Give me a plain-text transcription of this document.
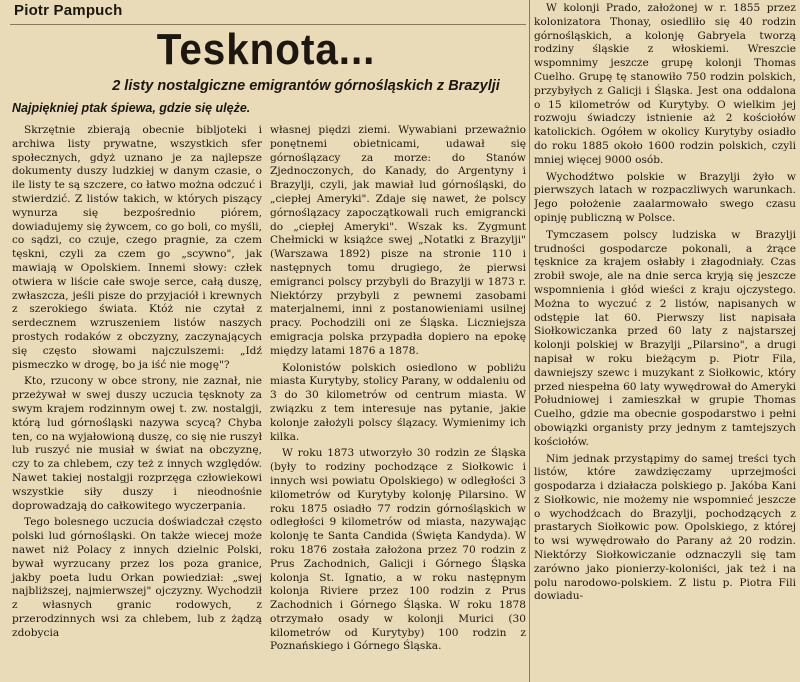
Piotr Pampuch
Tesknota...
2 listy nostalgiczne emigrantów górnośląskich z Brazylji
Najpiękniej ptak śpiewa, gdzie się ulęże.

Skrzętnie zbierają obecnie bibljoteki i archiwa listy prywatne, wszystkich sfer społecznych, gdyż uznano je za najlepsze dokumenty duszy ludzkiej w danym czasie, o ile listy te są szczere, co łatwo można odczuć i stwierdzić. Z listów takich, w których piszący wynurza się bezpośrednio piórem, dowiadujemy się żywcem, co go boli, co myśli, co sądzi, co czuje, czego pragnie, za czem tęskni, czyli za czem go „scywno", jak mawiają w Opolskiem. Innemi słowy: człek otwiera w liście całe swoje serce, całą duszę, zwłaszcza, jeśli pisze do przyjaciół i krewnych z szerokiego świata. Któż nie czytał z serdecznem wzruszeniem listów naszych prostych rodaków z obczyzny, zaczynających się często słowami najczulszemi: „Idź pismeczko w drogę, bo ja iść nie mogę"?

Kto, rzucony w obce strony, nie zaznał, nie przeżywał w swej duszy uczucia tęsknoty za swym krajem rodzinnym owej t. zw. nostalgji, którą lud górnośląski nazywa scycą? Chyba ten, co na wyjałowioną duszę, co się nie ruszył lub ruszyć nie musiał w świat na obczyznę, czy to za chlebem, czy też z innych względów. Nawet takiej nostalgji rozprzęga człowiekowi wszystkie siły duszy i nieodnośnie doprowadzają do całkowitego wyczerpania.

Tego bolesnego uczucia doświadczał często polski lud górnośląski. On także wiecej może nawet niż Polacy z innych dzielnic Polski, bywał wyrzucany przez los poza granice, jakby poeta ludu Orkan powiedział: „swej najbliższej, najmierwszej" ojczyzny. Wychodził z własnych granic rodowych, z przerodzinnych wsi za chlebem, lub z żądzą zdobycia

własnej piędzi ziemi. Wywabiani przeważnio ponętnemi obietnicami, udawał się górnoślązacy za morze: do Stanów Zjednoczonych, do Kanady, do Argentyny i Brazylji, czyli, jak mawiał lud górnośląski, do „ciepłej Ameryki". Zdaje się nawet, że polscy górnoślązacy zapoczątkowali ruch emigrancki do „ciepłej Ameryki". Wszak ks. Zygmunt Chełmicki w książce swej „Notatki z Brazylji" (Warszawa 1892) pisze na stronie 110 i następnych tomu drugiego, że pierwsi emigranci polscy przybyli do Brazylji w 1873 r. Niektórzy przybyli z pewnemi zasobami materjalnemi, inni z postanowieniami usilnej pracy. Pochodzili oni ze Śląska. Liczniejsza emigracja polska przypadła dopiero na epokę między latami 1876 a 1878.

Kolonistów polskich osiedlono w pobliżu miasta Kurytyby, stolicy Parany, w oddaleniu od 3 do 30 kilometrów od centrum miasta. W związku z tem interesuje nas pytanie, jakie kolonje założyli polscy ślązacy. Wymienimy ich kilka.

W roku 1873 utworzyło 30 rodzin ze Śląska (były to rodziny pochodzące z Siołkowic i innych wsi powiatu Opolskiego) w odległości 3 kilometrów od Kurytyby kolonję Pilarsino. W roku 1875 osiadło 77 rodzin górnośląskich w odległości 9 kilometrów od miasta, nazywając kolonję te Santa Candida (Święta Kandyda). W roku 1876 została założona przez 70 rodzin z Prus Zachodnich, Galicji i Górnego Śląska kolonja St. Ignatio, a w roku następnym kolonja Riviere przez 100 rodzin z Prus Zachodnich i Górnego Śląska. W roku 1878 otrzymało osady w kolonji Murici (30 kilometrów od Kurytyby) 100 rodzin z Poznańskiego i Górnego Śląska.

W kolonji Prado, założonej w r. 1855 przez kolonizatora Thonay, osiedliło się 40 rodzin górnośląskich, a kolonję Gabryela tworzą rodziny śląskie z włoskiemi. Wreszcie wspomnimy jeszcze grupę kolonji Thomas Cuelho. Grupę tę stanowiło 750 rodzin polskich, przybyłych z Galicji i Śląska. Jest ona oddalona o 15 kilometrów od Kurytyby. O wielkim jej rozwoju świadczy istnienie aż 2 kościołów katolickich. Ogółem w okolicy Kurytyby osiadło do roku 1885 około 1600 rodzin polskich, czyli mniej więcej 9000 osób.

Wychodźtwo polskie w Brazylji żyło w pierwszych latach w rozpaczliwych warunkach. Jego położenie zaalarmowało swego czasu opinję publiczną w Polsce.

Tymczasem polscy ludziska w Brazylji trudności gospodarcze pokonali, a żrące tęsknice za krajem osłabły i złagodniały. Czas zrobił swoje, ale na dnie serca kryją się jeszcze wspomnienia i głód wieści z kraju ojczystego. Można to wyczuć z 2 listów, napisanych w odstępie lat 60. Pierwszy list napisała Siołkowiczanka przed 60 laty z najstarszej kolonji polskiej w Brazylji „Pilarsino", a drugi napisał w roku bieżącym p. Piotr Fila, dawniejszy szewc i muzykant z Siołkowic, który przed niespełna 60 laty wywędrował do Ameryki Południowej i zamieszkał w grupie Thomas Cuelho, gdzie ma obecnie gospodarstwo i pełni obowiązki organisty przy jednym z tamtejszych kościołów.

Nim jednak przystąpimy do samej treści tych listów, które zawdzięczamy uprzejmości gospodarza i działacza polskiego p. Jakóba Kani z Siołkowic, nie możemy nie wspomnieć jeszcze o wychodźcach do Brazylji, pochodzących z prastarych Siołkowic pow. Opolskiego, z której to wsi wywędrowało do Parany aż 20 rodzin. Niektórzy Siołkowiczanie odznaczyli się tam zarówno jako pionierzy-koloniści, jak też i na polu narodowo-polskiem. Z listu p. Piotra Fili dowiadu-
